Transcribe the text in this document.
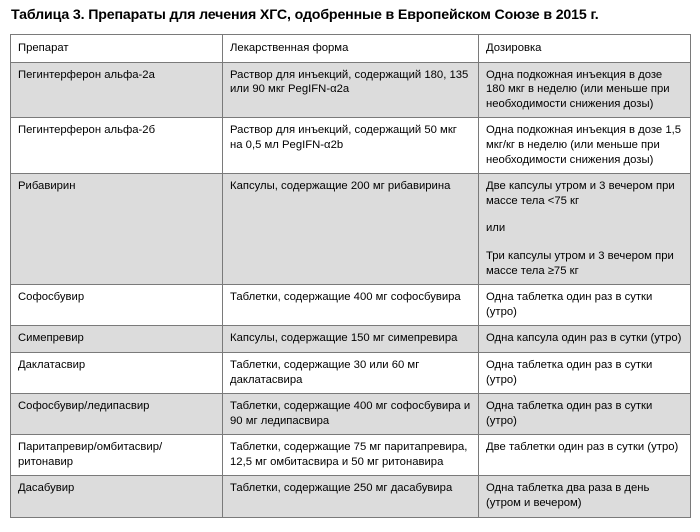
Таблица 3. Препараты для лечения ХГС, одобренные в Европейском Союзе в 2015 г.
Препарат	Лекарственная форма	Дозировка

Пегинтерферон альфа-2а	Раствор для инъекций, содержащий 180, 135 или 90 мкг PegIFN-α2a	Одна подкожная инъекция в дозе 180 мкг в неделю (или меньше при необходимости снижения дозы)

Пегинтерферон альфа-2б	Раствор для инъекций, содержащий 50 мкг на 0,5 мл PegIFN-α2b	Одна подкожная инъекция в дозе 1,5 мкг/кг в неделю (или меньше при необходимости снижения дозы)

Рибавирин	Капсулы, содержащие 200 мг рибавирина	Две капсулы утром и 3 вечером при массе тела <75 кг
или
Три капсулы утром и 3 вечером при массе тела ≥75 кг

Софосбувир	Таблетки, содержащие 400 мг софосбувира	Одна таблетка один раз в сутки (утро)

Симепревир	Капсулы, содержащие 150 мг симепревира	Одна капсула один раз в сутки (утро)

Даклатасвир	Таблетки, содержащие 30 или 60 мг даклатасвира	Одна таблетка один раз в сутки (утро)

Софосбувир/ледипасвир	Таблетки, содержащие 400 мг софосбувира и 90 мг ледипасвира	Одна таблетка один раз в сутки (утро)

Паритапревир/омбитасвир/ ритонавир	Таблетки, содержащие 75 мг паритапревира, 12,5 мг омбитасвира и 50 мг ритонавира	Две таблетки один раз в сутки (утро)

Дасабувир	Таблетки, содержащие 250 мг дасабувира	Одна таблетка два раза в день (утром и вечером)
